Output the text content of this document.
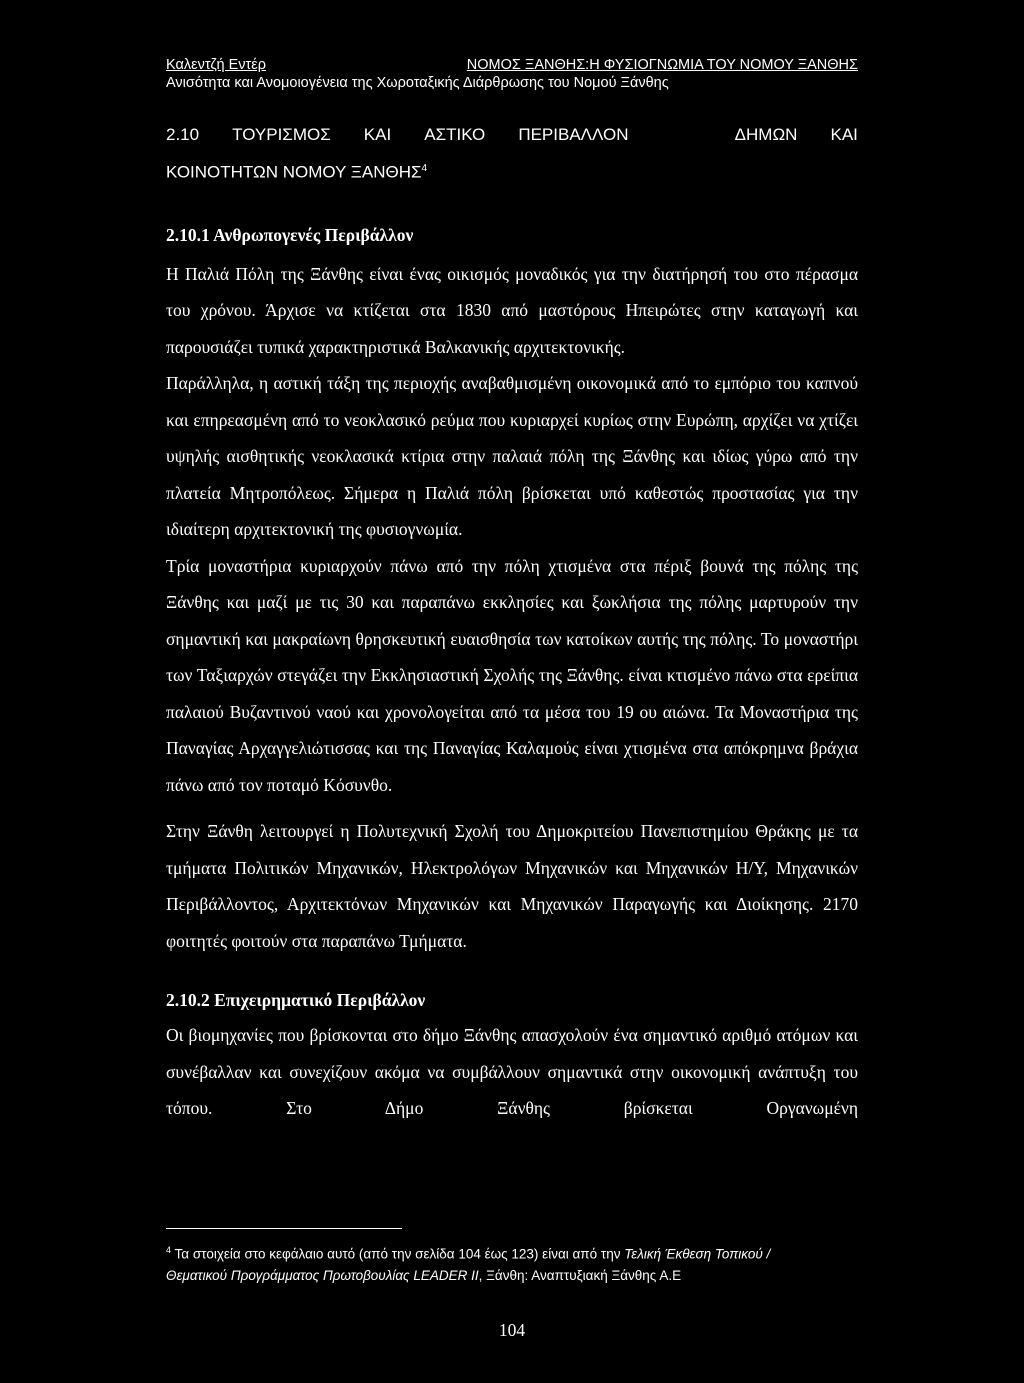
Καλεντζή Εντέρ	ΝΟΜΟΣ ΞΑΝΘΗΣ:Η ΦΥΣΙΟΓΝΩΜΙΑ ΤΟΥ ΝΟΜΟΥ ΞΑΝΘΗΣ
Ανισότητα και Ανομοιογένεια της Χωροταξικής Διάρθρωσης του Νομού Ξάνθης
2.10 ΤΟΥΡΙΣΜΟΣ ΚΑΙ ΑΣΤΙΚΟ ΠΕΡΙΒΑΛΛΟΝ	ΔΗΜΩΝ ΚΑΙ
ΚΟΙΝΟΤΗΤΩΝ ΝΟΜΟΥ ΞΑΝΘΗΣ$^4$
2.10.1 Ανθρωπογενές Περιβάλλον

Η Παλιά Πόλη της Ξάνθης είναι ένας οικισμός μοναδικός για την διατήρησή του στο πέρασμα του χρόνου. Άρχισε να κτίζεται στα 1830 από μαστόρους Ηπειρώτες στην καταγωγή και παρουσιάζει τυπικά χαρακτηριστικά Βαλκανικής αρχιτεκτονικής.

Παράλληλα, η αστική τάξη της περιοχής αναβαθμισμένη οικονομικά από το εμπόριο του καπνού και επηρεασμένη από το νεοκλασικό ρεύμα που κυριαρχεί κυρίως στην Ευρώπη, αρχίζει να χτίζει υψηλής αισθητικής νεοκλασικά κτίρια στην παλαιά πόλη της Ξάνθης και ιδίως γύρω από την πλατεία Μητροπόλεως. Σήμερα η Παλιά πόλη βρίσκεται υπό καθεστώς προστασίας για την ιδιαίτερη αρχιτεκτονική της φυσιογνωμία.

Τρία μοναστήρια κυριαρχούν πάνω από την πόλη χτισμένα στα πέριξ βουνά της πόλης της Ξάνθης και μαζί με τις 30 και παραπάνω εκκλησίες και ξωκλήσια της πόλης μαρτυρούν την σημαντική και μακραίωνη θρησκευτική ευαισθησία των κατοίκων αυτής της πόλης. Το μοναστήρι των Ταξιαρχών στεγάζει την Εκκλησιαστική Σχολής της Ξάνθης. είναι κτισμένο πάνω στα ερείπια παλαιού Βυζαντινού ναού και χρονολογείται από τα μέσα του 19 ου αιώνα. Τα Μοναστήρια της Παναγίας Αρχαγγελιώτισσας και της Παναγίας Καλαμούς είναι χτισμένα στα απόκρημνα βράχια πάνω από τον ποταμό Κόσυνθο.

Στην Ξάνθη λειτουργεί η Πολυτεχνική Σχολή του Δημοκριτείου Πανεπιστημίου Θράκης με τα τμήματα Πολιτικών Μηχανικών, Ηλεκτρολόγων Μηχανικών και Μηχανικών Η/Υ, Μηχανικών Περιβάλλοντος, Αρχιτεκτόνων Μηχανικών και Μηχανικών Παραγωγής και Διοίκησης. 2170 φοιτητές φοιτούν στα παραπάνω Τμήματα.

2.10.2 Επιχειρηματικό Περιβάλλον

Οι βιομηχανίες που βρίσκονται στο δήμο Ξάνθης απασχολούν ένα σημαντικό αριθμό ατόμων και συνέβαλλαν και συνεχίζουν ακόμα να συμβάλλουν σημαντικά στην οικονομική ανάπτυξη του τόπου. Στο Δήμο Ξάνθης βρίσκεται Οργανωμένη

$^4$ Τα στοιχεία στο κεφάλαιο αυτό (από την σελίδα 104 έως 123) είναι από την Τελική Έκθεση Τοπικού /
Θεματικού Προγράμματος Πρωτοβουλίας LEADER II, Ξάνθη: Αναπτυξιακή Ξάνθης Α.Ε
104
